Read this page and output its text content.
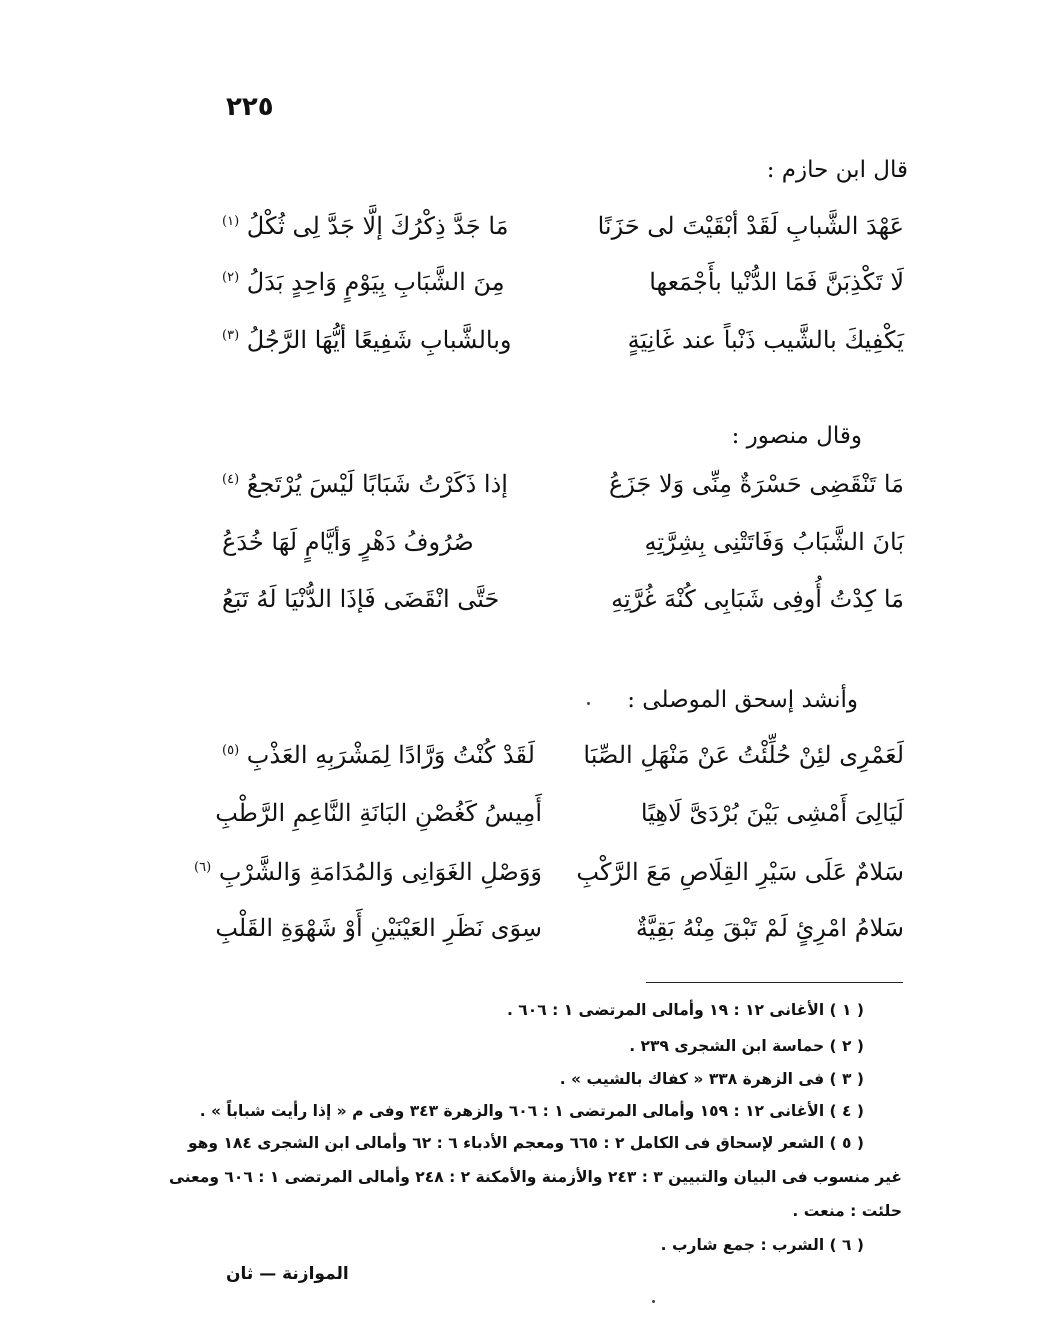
٢٢٥
قال ابن حازم :
عَهْدَ الشَّبابِ لَقَدْ أبْقَيْتَ لى حَزَنًا
مَا جَدَّ ذِكْرُكَ إلَّا جَدَّ لِى ثُكْلُ $^{(١)}$
لَا تَكْذِبَنَّ فَمَا الدُّنْيا بأَجْمَعها
مِنَ الشَّبَابِ بِيَوْمٍ وَاحِدٍ بَدَلُ $^{(٢)}$
يَكْفِيكَ بالشَّيب ذَنْباً عند غَانِيَةٍ
وبالشَّبابِ شَفِيعًا أيُّهَا الرَّجُلُ $^{(٣)}$
وقال منصور :
مَا تَنْقَضِى حَسْرَةٌ مِنِّى وَلا جَزَعُ
إذا ذَكَرْتُ شَبَابًا لَيْسَ يُرْتَجعُ $^{(٤)}$
بَانَ الشَّبَابُ وَفَاتَتْنِى بِشِرَّتِهِ
صُرُوفُ دَهْرٍ وَأيَّامٍ لَهَا خُدَعُ
مَا كِدْتُ أُوفِى شَبَابِى كُنْهَ غُرَّتِهِ
حَتَّى انْقَضَى فَإذَا الدُّنْيَا لَهُ تَبَعُ
وأنشد إسحق الموصلى :
لَعَمْرِى لئِنْ حُلِّئْتُ عَنْ مَنْهَلِ الصِّبَا
لَقَدْ كُنْتُ وَرَّادًا لِمَشْرَبِهِ العَذْبِ $^{(٥)}$
لَيَالِىَ أَمْشِى بَيْنَ بُرْدَىَّ لَاهِيًا
أَمِيسُ كَغُصْنِ البَانَةِ النَّاعِمِ الرَّطْبِ
سَلامٌ عَلَى سَيْرِ القِلَاصِ مَعَ الرَّكْبِ
وَوَصْلِ الغَوَانِى وَالمُدَامَةِ وَالشَّرْبِ $^{(٦)}$
سَلامُ امْرِئٍ لَمْ تَبْقَ مِنْهُ بَقِيَّةٌ
سِوَى نَظَرِ العَيْنَيْنِ أَوْ شَهْوَةِ القَلْبِ
( ١ ) الأغانى ١٢ : ١٩ وأمالى المرتضى ١ : ٦٠٦ .
( ٢ ) حماسة ابن الشجرى ٢٣٩ .
( ٣ ) فى الزهرة ٣٣٨ « كفاك بالشيب » .
( ٤ ) الأغانى ١٢ : ١٥٩ وأمالى المرتضى ١ : ٦٠٦ والزهرة ٣٤٣ وفى م « إذا رأيت شباباً » .
( ٥ ) الشعر لإسحاق فى الكامل ٢ : ٦٦٥ ومعجم الأدباء ٦ : ٦٢ وأمالى ابن الشجرى ١٨٤ وهو
غير منسوب فى البيان والتبيين ٣ : ٢٤٣ والأزمنة والأمكنة ٢ : ٢٤٨ وأمالى المرتضى ١ : ٦٠٦ ومعنى
حلئت : منعت .
( ٦ ) الشرب : جمع شارب .
الموازنة — ثان
